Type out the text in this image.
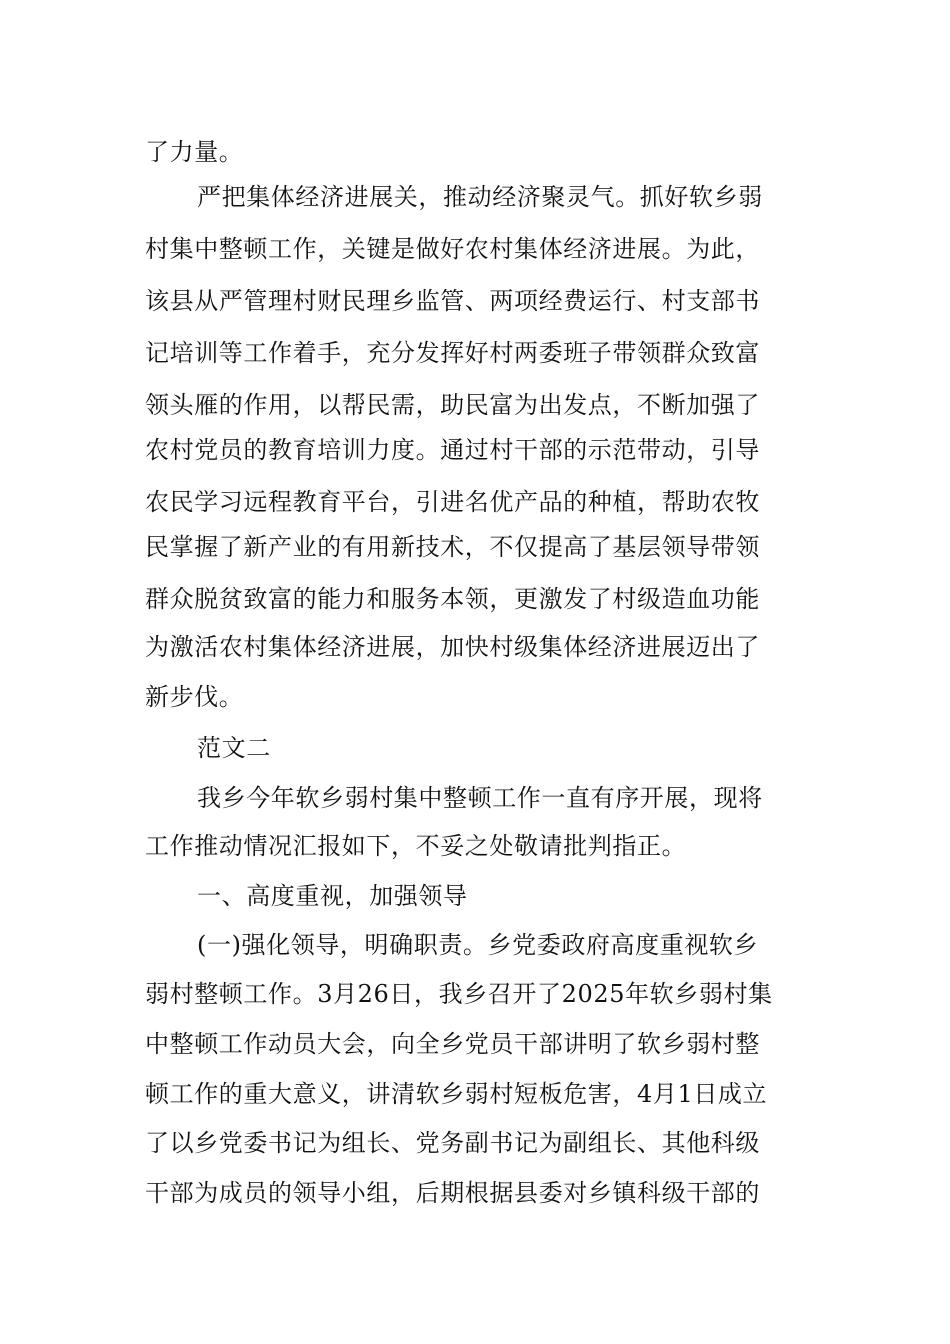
了力量。
严把集体经济进展关，推动经济聚灵气。抓好软乡弱
村集中整顿工作，关键是做好农村集体经济进展。为此，
该县从严管理村财民理乡监管、两项经费运行、村支部书
记培训等工作着手，充分发挥好村两委班子带领群众致富
领头雁的作用，以帮民需，助民富为出发点，不断加强了
农村党员的教育培训力度。通过村干部的示范带动，引导
农民学习远程教育平台，引进名优产品的种植，帮助农牧
民掌握了新产业的有用新技术，不仅提高了基层领导带领
群众脱贫致富的能力和服务本领，更激发了村级造血功能
为激活农村集体经济进展，加快村级集体经济进展迈出了
新步伐。
范文二
我乡今年软乡弱村集中整顿工作一直有序开展，现将
工作推动情况汇报如下，不妥之处敬请批判指正。
一、高度重视，加强领导
(一)强化领导，明确职责。乡党委政府高度重视软乡
弱村整顿工作。3月26日，我乡召开了2025年软乡弱村集
中整顿工作动员大会，向全乡党员干部讲明了软乡弱村整
顿工作的重大意义，讲清软乡弱村短板危害，4月1日成立
了以乡党委书记为组长、党务副书记为副组长、其他科级
干部为成员的领导小组，后期根据县委对乡镇科级干部的
